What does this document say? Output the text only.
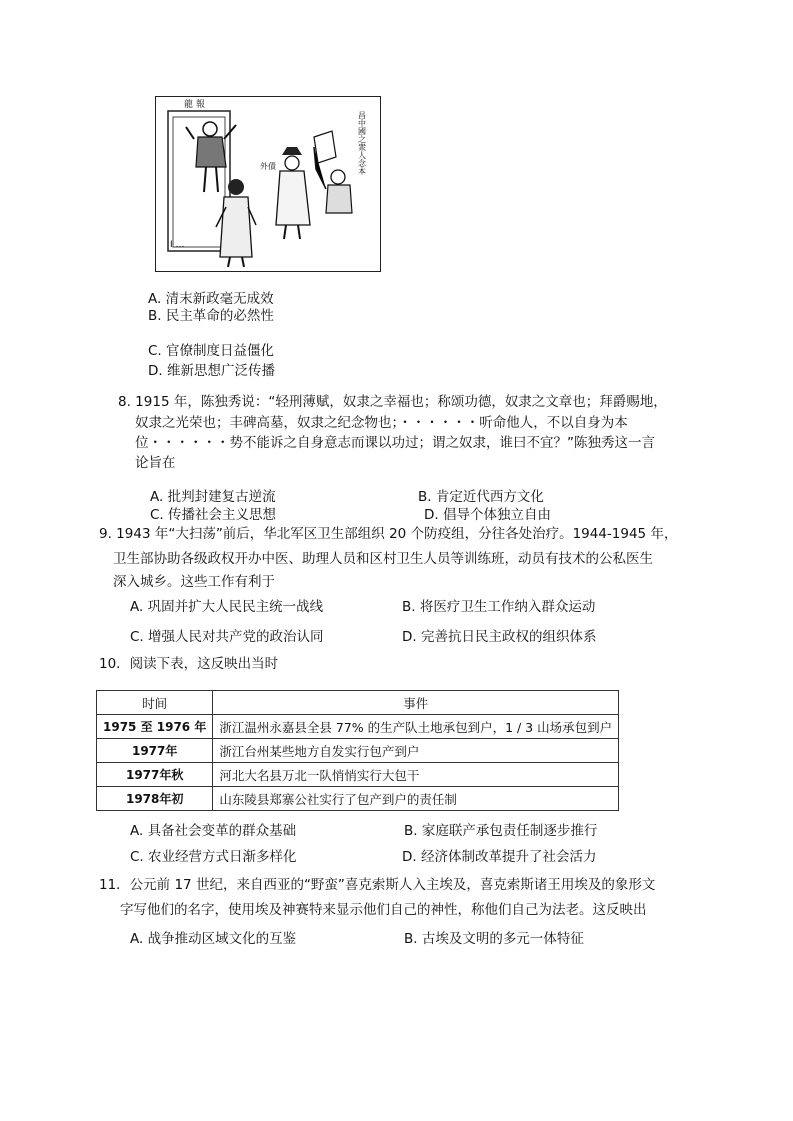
龍 報
外債
I …
昌中國之衆人念本
A. 清末新政毫无成效
B. 民主革命的必然性
C. 官僚制度日益僵化
D. 维新思想广泛传播
8. 1915 年，陈独秀说：“轻刑薄赋，奴隶之幸福也；称颂功德，奴隶之文章也；拜爵赐地，
奴隶之光荣也；丰碑高墓，奴隶之纪念物也；・・・・・・听命他人，不以自身为本
位・・・・・・势不能诉之自身意志而课以功过；谓之奴隶，谁曰不宜？”陈独秀这一言
论旨在
A. 批判封建复古逆流	B. 肯定近代西方文化
C. 传播社会主义思想	D. 倡导个体独立自由
9. 1943 年“大扫荡”前后，华北军区卫生部组织 20 个防疫组，分往各处治疗。1944-1945 年，
卫生部协助各级政权开办中医、助理人员和区村卫生人员等训练班，动员有技术的公私医生
深入城乡。这些工作有利于
A. 巩固并扩大人民民主统一战线	B. 将医疗卫生工作纳入群众运动
C. 增强人民对共产党的政治认同	D. 完善抗日民主政权的组织体系
10．阅读下表，这反映出当时
时间	事件
1975 至 1976 年	浙江温州永嘉县全县 77% 的生产队土地承包到户，1 ∕ 3 山场承包到户
1977年	浙江台州某些地方自发实行包产到户
1977年秋	河北大名县万北一队悄悄实行大包干
1978年初	山东陵县郑寨公社实行了包产到户的责任制
A. 具备社会变革的群众基础	B. 家庭联产承包责任制逐步推行
C. 农业经营方式日渐多样化	D. 经济体制改革提升了社会活力
11．公元前 17 世纪，来自西亚的“野蛮”喜克索斯人入主埃及，喜克索斯诸王用埃及的象形文
字写他们的名字，使用埃及神赛特来显示他们自己的神性，称他们自己为法老。这反映出
A. 战争推动区域文化的互鉴	B. 古埃及文明的多元一体特征
